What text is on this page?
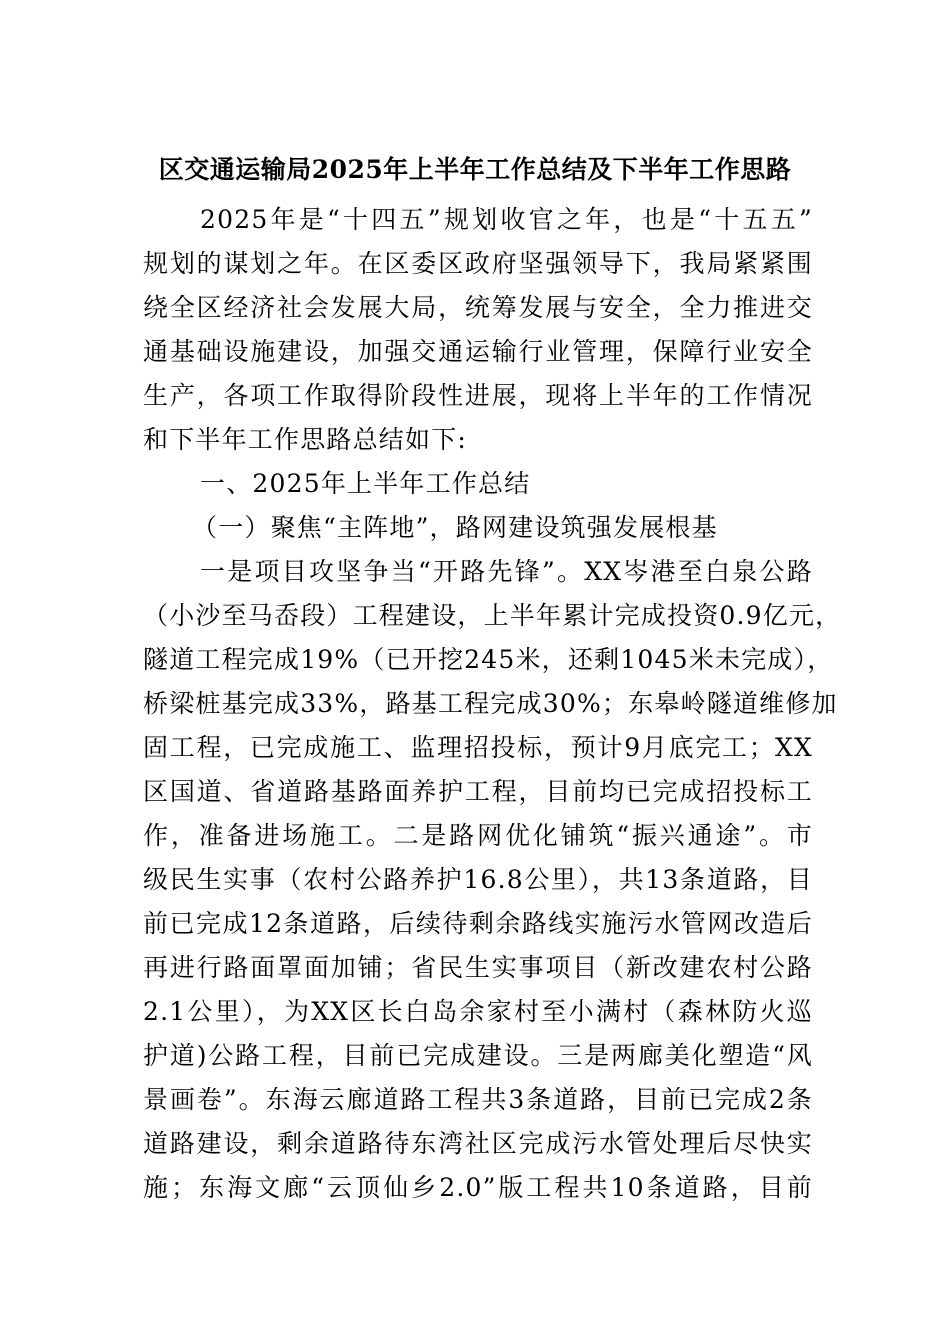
区交通运输局2025年上半年工作总结及下半年工作思路
2025年是“十四五”规划收官之年，也是“十五五”
规划的谋划之年。在区委区政府坚强领导下，我局紧紧围
绕全区经济社会发展大局，统筹发展与安全，全力推进交
通基础设施建设，加强交通运输行业管理，保障行业安全
生产，各项工作取得阶段性进展，现将上半年的工作情况
和下半年工作思路总结如下:
一、2025年上半年工作总结
（一）聚焦“主阵地”，路网建设筑强发展根基
一是项目攻坚争当“开路先锋”。XX岑港至白泉公路
（小沙至马岙段）工程建设，上半年累计完成投资0.9亿元，
隧道工程完成19%（已开挖245米，还剩1045米未完成），
桥梁桩基完成33%，路基工程完成30%；东皋岭隧道维修加
固工程，已完成施工、监理招投标，预计9月底完工；XX
区国道、省道路基路面养护工程，目前均已完成招投标工
作，准备进场施工。二是路网优化铺筑“振兴通途”。市
级民生实事（农村公路养护16.8公里），共13条道路，目
前已完成12条道路，后续待剩余路线实施污水管网改造后
再进行路面罩面加铺；省民生实事项目（新改建农村公路
2.1公里），为XX区长白岛余家村至小满村（森林防火巡
护道)公路工程，目前已完成建设。三是两廊美化塑造“风
景画卷”。东海云廊道路工程共3条道路，目前已完成2条
道路建设，剩余道路待东湾社区完成污水管处理后尽快实
施；东海文廊“云顶仙乡2.0”版工程共10条道路，目前
